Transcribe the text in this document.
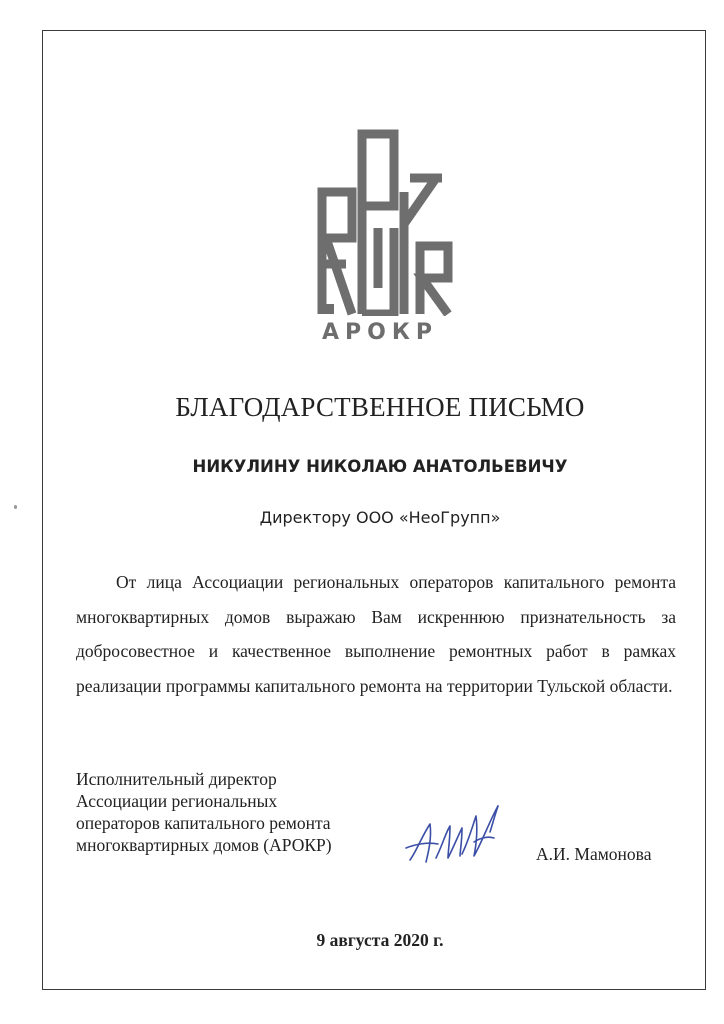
АРОКР
БЛАГОДАРСТВЕННОЕ ПИСЬМО
НИКУЛИНУ НИКОЛАЮ АНАТОЛЬЕВИЧУ
Директору ООО «НеоГрупп»
От лица Ассоциации региональных операторов капитального ремонта многоквартирных домов выражаю Вам искреннюю признательность за добросовестное и качественное выполнение ремонтных работ в рамках реализации программы капитального ремонта на территории Тульской области.
Исполнительный директор
Ассоциации региональных
операторов капитального ремонта
многоквартирных домов (АРОКР)	А.И. Мамонова
9 августа 2020 г.
